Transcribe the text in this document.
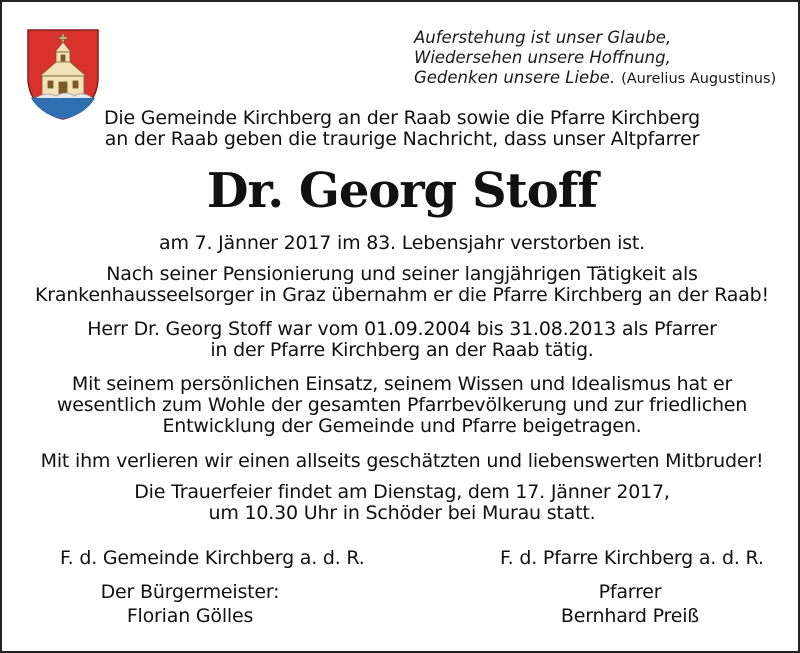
Auferstehung ist unser Glaube,
Wiedersehen unsere Hoffnung,
Gedenken unsere Liebe. (Aurelius Augustinus)
Die Gemeinde Kirchberg an der Raab sowie die Pfarre Kirchberg
an der Raab geben die traurige Nachricht, dass unser Altpfarrer
Dr. Georg Stoff
am 7. Jänner 2017 im 83. Lebensjahr verstorben ist.
Nach seiner Pensionierung und seiner langjährigen Tätigkeit als
Krankenhausseelsorger in Graz übernahm er die Pfarre Kirchberg an der Raab!
Herr Dr. Georg Stoff war vom 01.09.2004 bis 31.08.2013 als Pfarrer
in der Pfarre Kirchberg an der Raab tätig.
Mit seinem persönlichen Einsatz, seinem Wissen und Idealismus hat er
wesentlich zum Wohle der gesamten Pfarrbevölkerung und zur friedlichen
Entwicklung der Gemeinde und Pfarre beigetragen.
Mit ihm verlieren wir einen allseits geschätzten und liebenswerten Mitbruder!
Die Trauerfeier findet am Dienstag, dem 17. Jänner 2017,
um 10.30 Uhr in Schöder bei Murau statt.
F. d. Gemeinde Kirchberg a. d. R.
Der Bürgermeister:
Florian Gölles
F. d. Pfarre Kirchberg a. d. R.
Pfarrer
Bernhard Preiß
